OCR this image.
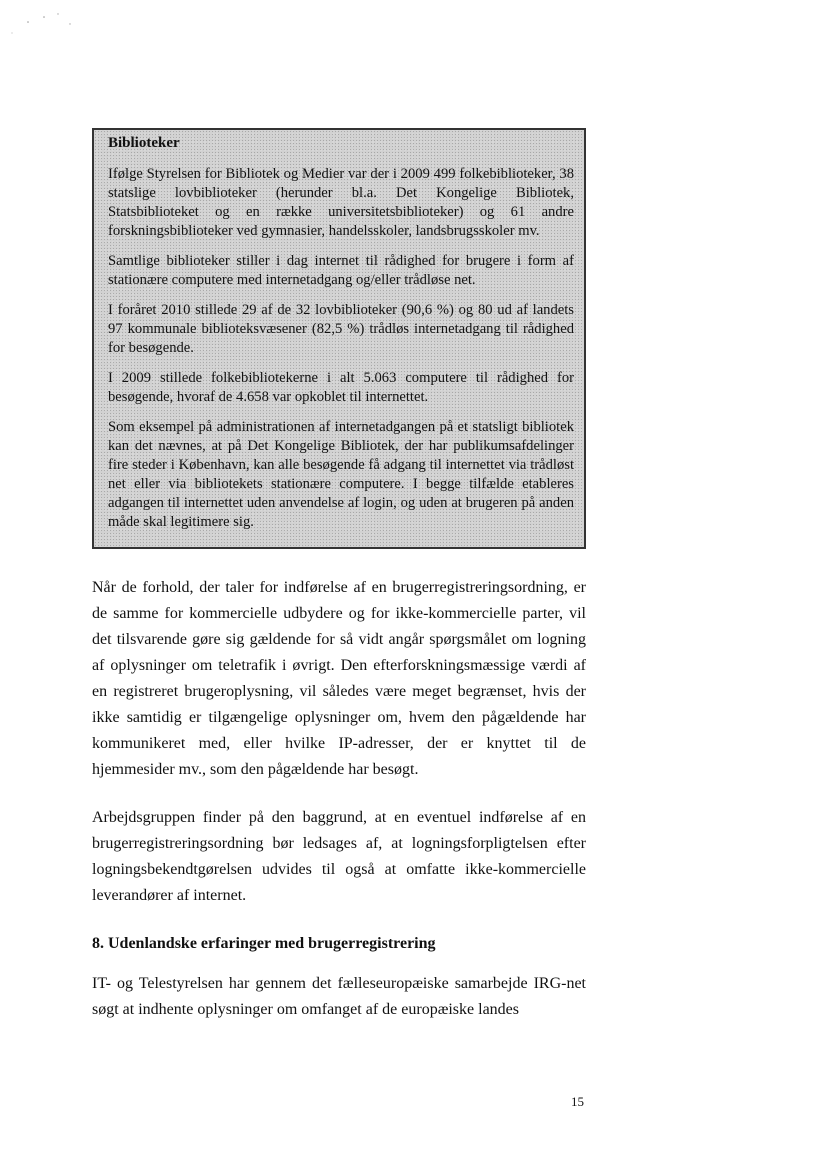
Biblioteker

Ifølge Styrelsen for Bibliotek og Medier var der i 2009 499 folkebiblioteker, 38 statslige lovbiblioteker (herunder bl.a. Det Kongelige Bibliotek, Statsbiblioteket og en række universitetsbiblioteker) og 61 andre forskningsbiblioteker ved gymnasier, handelsskoler, landsbrugsskoler mv.

Samtlige biblioteker stiller i dag internet til rådighed for brugere i form af stationære computere med internetadgang og/eller trådløse net.

I foråret 2010 stillede 29 af de 32 lovbiblioteker (90,6 %) og 80 ud af landets 97 kommunale biblioteksvæsener (82,5 %) trådløs internetadgang til rådighed for besøgende.

I 2009 stillede folkebibliotekerne i alt 5.063 computere til rådighed for besøgende, hvoraf de 4.658 var opkoblet til internettet.

Som eksempel på administrationen af internetadgangen på et statsligt bibliotek kan det nævnes, at på Det Kongelige Bibliotek, der har publikumsafdelinger fire steder i København, kan alle besøgende få adgang til internettet via trådløst net eller via bibliotekets stationære computere. I begge tilfælde etableres adgangen til internettet uden anvendelse af login, og uden at brugeren på anden måde skal legitimere sig.

Når de forhold, der taler for indførelse af en brugerregistreringsordning, er de samme for kommercielle udbydere og for ikke-kommercielle parter, vil det tilsvarende gøre sig gældende for så vidt angår spørgsmålet om logning af oplysninger om teletrafik i øvrigt. Den efterforskningsmæssige værdi af en registreret brugeroplysning, vil således være meget begrænset, hvis der ikke samtidig er tilgængelige oplysninger om, hvem den pågældende har kommunikeret med, eller hvilke IP-adresser, der er knyttet til de hjemmesider mv., som den pågældende har besøgt.

Arbejdsgruppen finder på den baggrund, at en eventuel indførelse af en brugerregistreringsordning bør ledsages af, at logningsforpligtelsen efter logningsbekendtgørelsen udvides til også at omfatte ikke-kommercielle leverandører af internet.

8. Udenlandske erfaringer med brugerregistrering

IT- og Telestyrelsen har gennem det fælleseuropæiske samarbejde IRG-net søgt at indhente oplysninger om omfanget af de europæiske landes

15
